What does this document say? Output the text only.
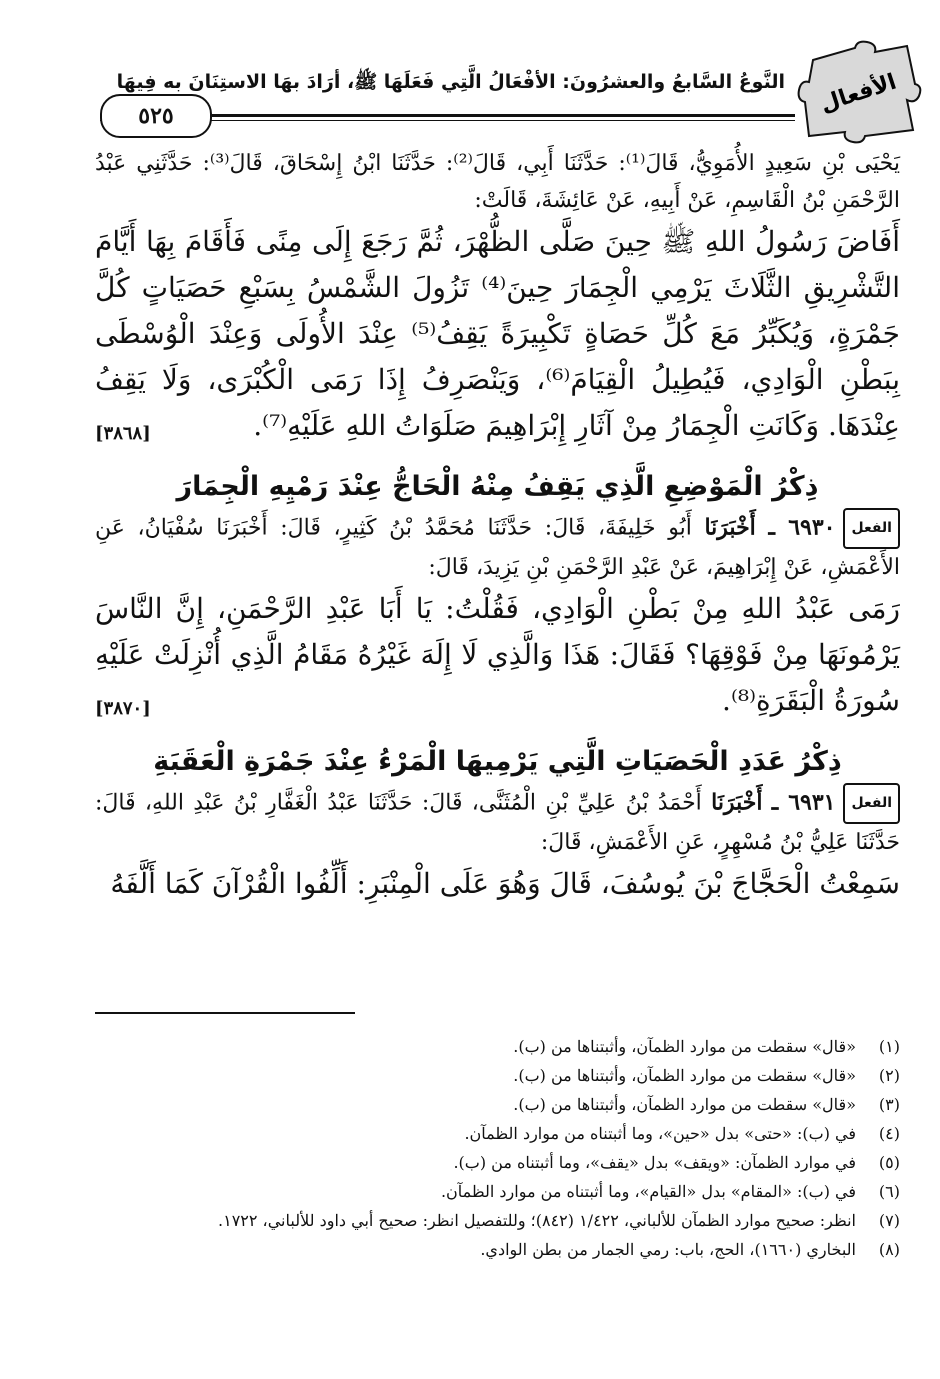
الأفعال
النَّوعُ السَّابعُ والعشرُونَ: الأفْعَالُ الَّتِي فَعَلَهَا ﷺ، أرَادَ بهَا الاستِنَانَ به فِيهَا
٥٢٥

يَحْيَى بْنِ سَعِيدٍ الأُمَوِيُّ، قَالَ⁽¹⁾: حَدَّثَنَا أَبِي، قَالَ⁽²⁾: حَدَّثَنَا ابْنُ إِسْحَاقَ، قَالَ⁽³⁾: حَدَّثَنِي عَبْدُ الرَّحْمَنِ بْنُ الْقَاسِمِ، عَنْ أَبِيهِ، عَنْ عَائِشَةَ، قَالَتْ:

أَفَاضَ رَسُولُ اللهِ ﷺ حِينَ صَلَّى الظُّهْرَ، ثُمَّ رَجَعَ إِلَى مِنًى فَأَقَامَ بِهَا أَيَّامَ التَّشْرِيقِ الثَّلَاثَ يَرْمِي الْجِمَارَ حِينَ⁽⁴⁾ تَزُولَ الشَّمْسُ بِسَبْعِ حَصَيَاتٍ كُلَّ جَمْرَةٍ، وَيُكَبِّرُ مَعَ كُلِّ حَصَاةٍ تَكْبِيرَةً يَقِفُ⁽⁵⁾ عِنْدَ الأُولَى وَعِنْدَ الْوُسْطَى بِبَطْنِ الْوَادِي، فَيُطِيلُ الْقِيَامَ⁽⁶⁾، وَيَنْصَرِفُ إِذَا رَمَى الْكُبْرَى، وَلَا يَقِفُ عِنْدَهَا. وَكَانَتِ الْجِمَارُ مِنْ آثَارِ إِبْرَاهِيمَ صَلَوَاتُ اللهِ عَلَيْهِ⁽⁷⁾.
[٣٨٦٨]

ذِكْرُ الْمَوْضِعِ الَّذِي يَقِفُ مِنْهُ الْحَاجُّ عِنْدَ رَمْيِهِ الْجِمَارَ

الفعل٦٩٣٠ ـ أَخْبَرَنَا أَبُو خَلِيفَةَ، قَالَ: حَدَّثَنَا مُحَمَّدُ بْنُ كَثِيرٍ، قَالَ: أَخْبَرَنَا سُفْيَانُ، عَنِ الأَعْمَشِ، عَنْ إِبْرَاهِيمَ، عَنْ عَبْدِ الرَّحْمَنِ بْنِ يَزِيدَ، قَالَ:

رَمَى عَبْدُ اللهِ مِنْ بَطْنِ الْوَادِي، فَقُلْتُ: يَا أَبَا عَبْدِ الرَّحْمَنِ، إِنَّ النَّاسَ يَرْمُونَهَا مِنْ فَوْقِهَا؟ فَقَالَ: هَذَا وَالَّذِي لَا إِلَهَ غَيْرُهُ مَقَامُ الَّذِي أُنْزِلَتْ عَلَيْهِ سُورَةُ الْبَقَرَةِ⁽⁸⁾.
[٣٨٧٠]

ذِكْرُ عَدَدِ الْحَصَيَاتِ الَّتِي يَرْمِيهَا الْمَرْءُ عِنْدَ جَمْرَةِ الْعَقَبَةِ

الفعل٦٩٣١ ـ أَخْبَرَنَا أَحْمَدُ بْنُ عَلِيِّ بْنِ الْمُثَنَّى، قَالَ: حَدَّثَنَا عَبْدُ الْغَفَّارِ بْنُ عَبْدِ اللهِ، قَالَ: حَدَّثَنَا عَلِيُّ بْنُ مُسْهِرٍ، عَنِ الأَعْمَشِ، قَالَ:

سَمِعْتُ الْحَجَّاجَ بْنَ يُوسُفَ، قَالَ وَهُوَ عَلَى الْمِنْبَرِ: أَلِّفُوا الْقُرْآنَ كَمَا أَلَّفَهُ

(١)
«قال» سقطت من موارد الظمآن، وأثبتناها من (ب).

(٢)
«قال» سقطت من موارد الظمآن، وأثبتناها من (ب).

(٣)
«قال» سقطت من موارد الظمآن، وأثبتناها من (ب).

(٤)
في (ب): «حتى» بدل «حين»، وما أثبتناه من موارد الظمآن.

(٥)
في موارد الظمآن: «ويقف» بدل «يقف»، وما أثبتناه من (ب).

(٦)
في (ب): «المقام» بدل «القيام»، وما أثبتناه من موارد الظمآن.

(٧)
انظر: صحيح موارد الظمآن للألباني، ١/٤٢٢ (٨٤٢)؛ وللتفصيل انظر: صحيح أبي داود للألباني، ١٧٢٢.

(٨)
البخاري (١٦٦٠)، الحج، باب: رمي الجمار من بطن الوادي.
